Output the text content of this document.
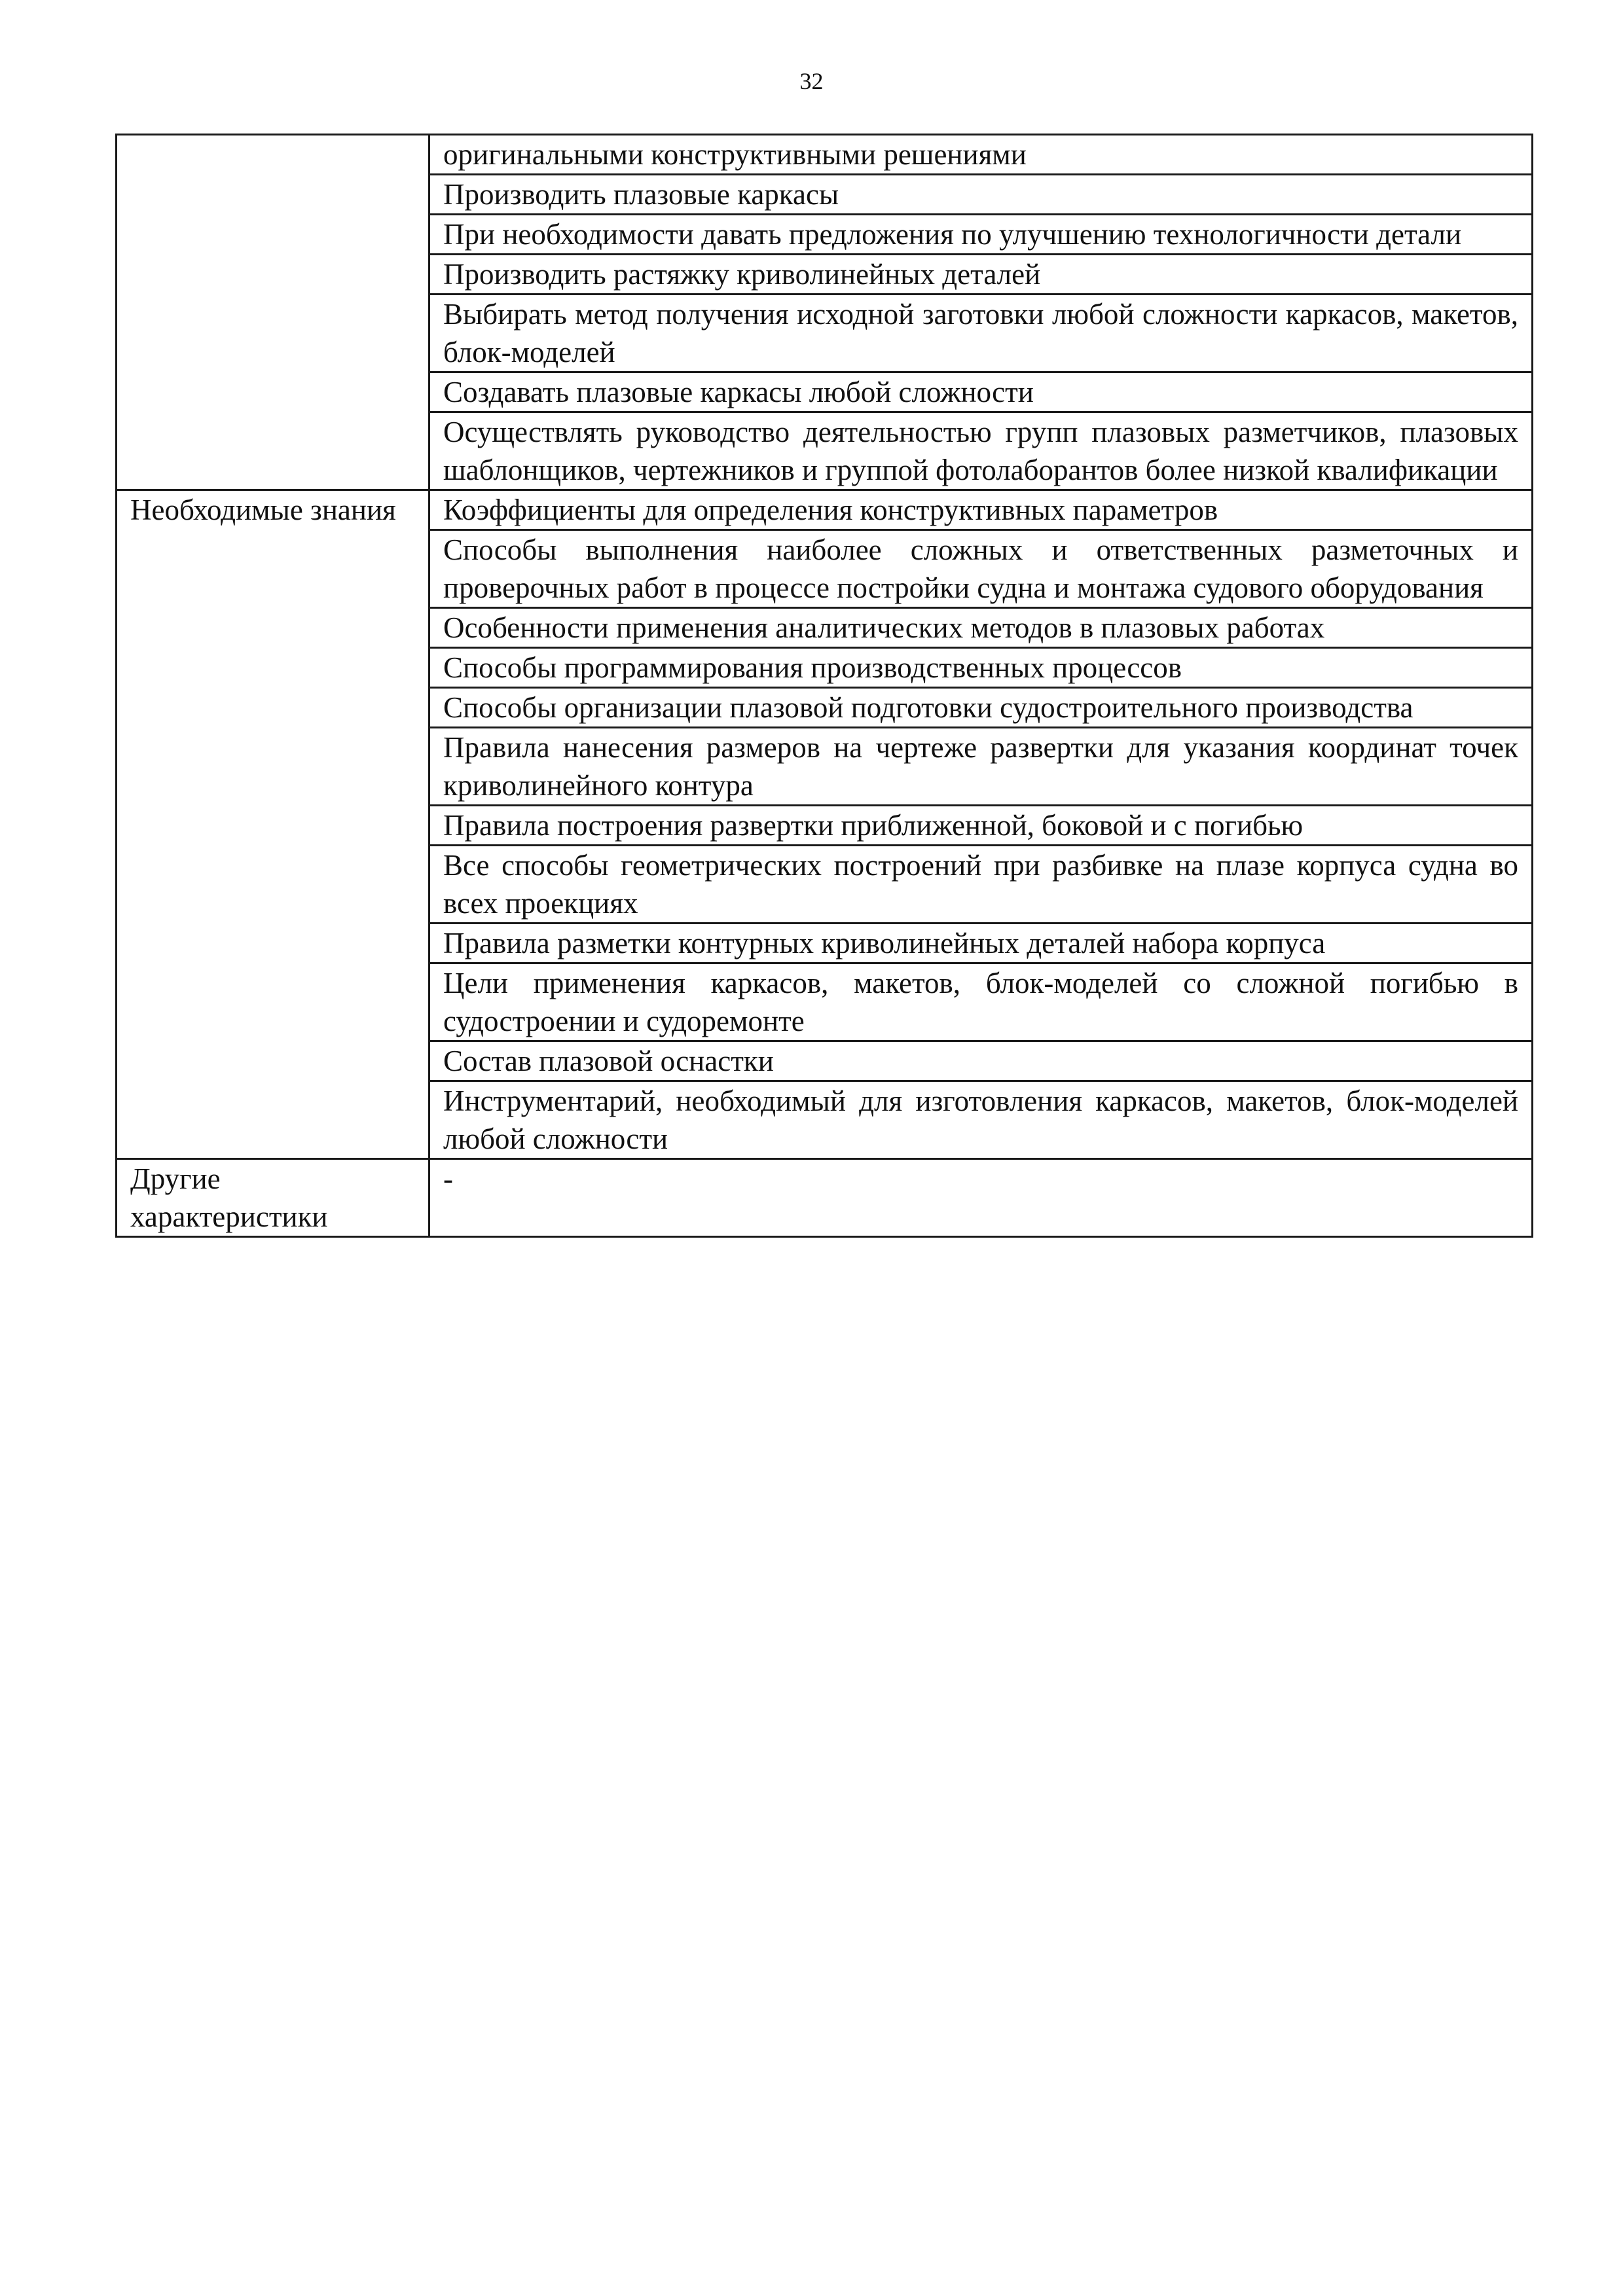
32
	оригинальными конструктивными решениями
	Производить плазовые каркасы
	При необходимости давать предложения по улучшению технологичности детали
	Производить растяжку криволинейных деталей
	Выбирать метод получения исходной заготовки любой сложности каркасов, макетов, блок-моделей
	Создавать плазовые каркасы любой сложности
	Осуществлять руководство деятельностью групп плазовых разметчиков, плазовых шаблонщиков, чертежников и группой фотолаборантов более низкой квалификации
Необходимые знания	Коэффициенты для определения конструктивных параметров
	Способы выполнения наиболее сложных и ответственных разметочных и проверочных работ в процессе постройки судна и монтажа судового оборудования
	Особенности применения аналитических методов в плазовых работах
	Способы программирования производственных процессов
	Способы организации плазовой подготовки судостроительного производства
	Правила нанесения размеров на чертеже развертки для указания координат точек криволинейного контура
	Правила построения развертки приближенной, боковой и с погибью
	Все способы геометрических построений при разбивке на плазе корпуса судна во всех проекциях
	Правила разметки контурных криволинейных деталей набора корпуса
	Цели применения каркасов, макетов, блок-моделей со сложной погибью в судостроении и судоремонте
	Состав плазовой оснастки
	Инструментарий, необходимый для изготовления каркасов, макетов, блок-моделей любой сложности
Другие характеристики	-
